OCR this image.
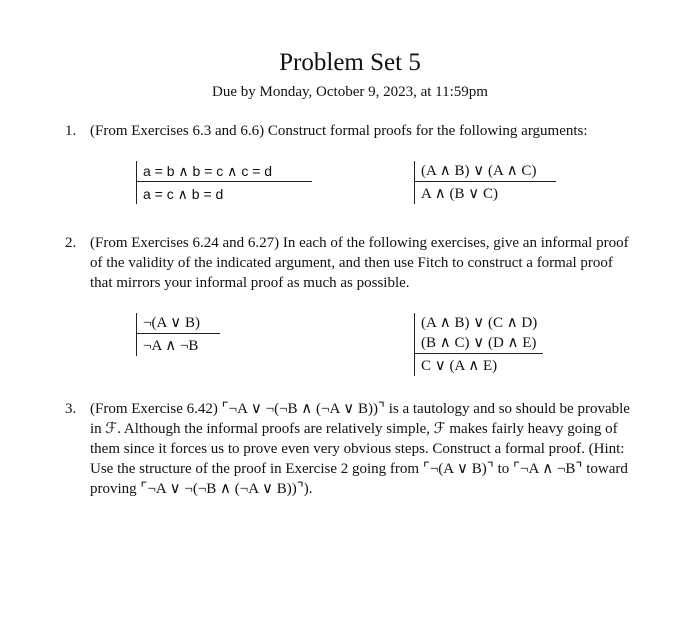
Problem Set 5
Due by Monday, October 9, 2023, at 11:59pm
1. (From Exercises 6.3 and 6.6) Construct formal proofs for the following arguments:
a = b ∧ b = c ∧ c = d
a = c ∧ b = d
(A ∧ B) ∨ (A ∧ C)
A ∧ (B ∨ C)
2. (From Exercises 6.24 and 6.27) In each of the following exercises, give an informal proof
of the validity of the indicated argument, and then use Fitch to construct a formal proof
that mirrors your informal proof as much as possible.
¬(A ∨ B)
¬A ∧ ¬B
(A ∧ B) ∨ (C ∧ D)
(B ∧ C) ∨ (D ∧ E)
C ∨ (A ∧ E)
3. (From Exercise 6.42) ⌜¬A ∨ ¬(¬B ∧ (¬A ∨ B))⌝ is a tautology and so should be provable
in ℱ. Although the informal proofs are relatively simple, ℱ makes fairly heavy going of
them since it forces us to prove even very obvious steps. Construct a formal proof. (Hint:
Use the structure of the proof in Exercise 2 going from ⌜¬(A ∨ B)⌝ to ⌜¬A ∧ ¬B⌝ toward
proving ⌜¬A ∨ ¬(¬B ∧ (¬A ∨ B))⌝).
